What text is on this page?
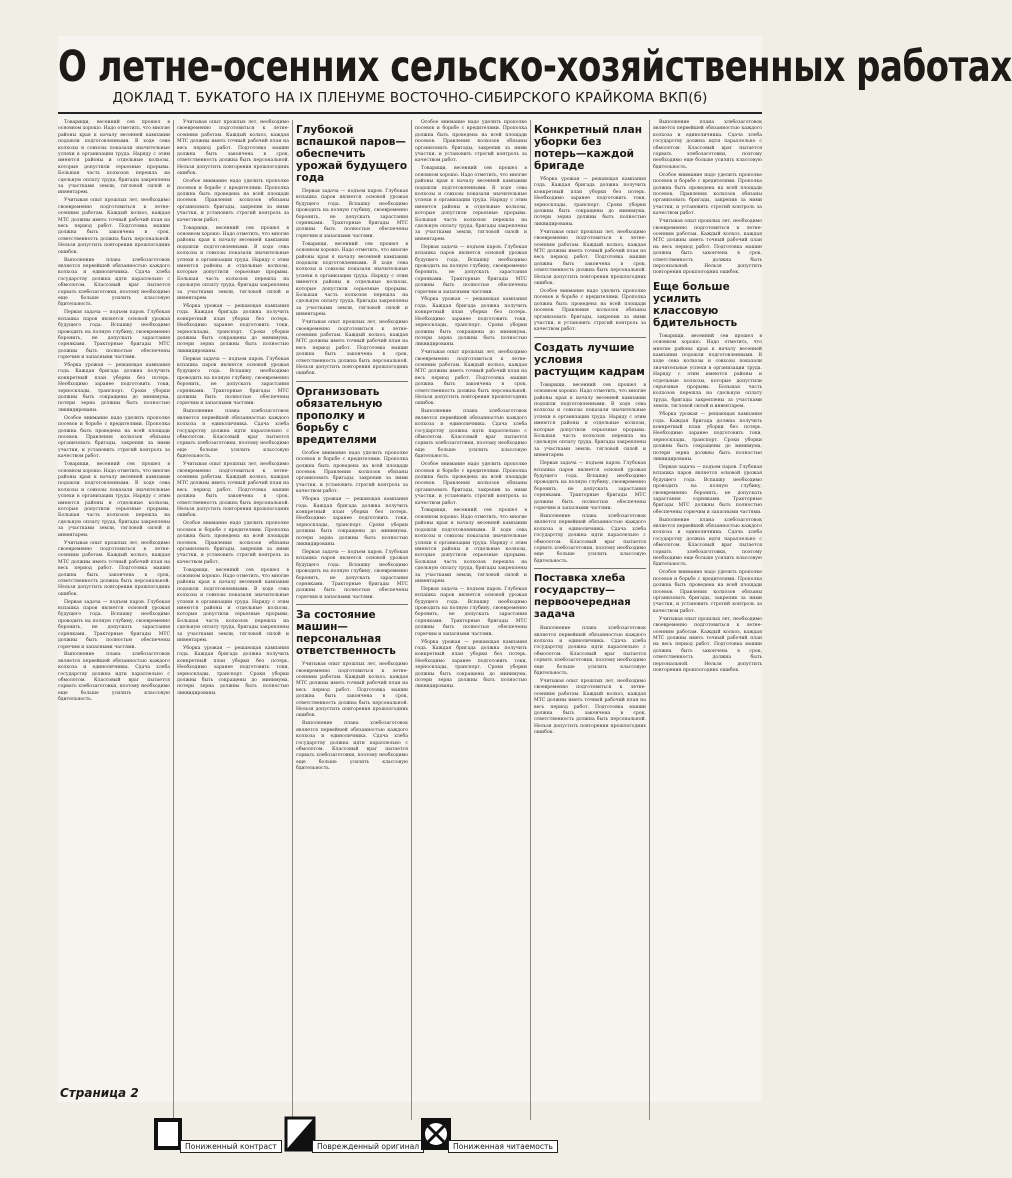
О летне-осенних сельско-хозяйственных работах
ДОКЛАД Т. БУКАТОГО НА IX ПЛЕНУМЕ ВОСТОЧНО-СИБИРСКОГО КРАЙКОМА ВКП(б)

Товарищи, весенний сев прошел в основном хорошо. Надо отметить, что многие районы края к началу весенней кампании подошли подготовленными. В ходе сева колхозы и совхозы показали значительные успехи в организации труда. Наряду с этим имеются районы и отдельные колхозы, которые допустили серьезные прорывы. Большая часть колхозов перешла на сдельную оплату труда, бригады закреплены за участками земли, тягловой силой и инвентарем.

Учитывая опыт прошлых лет, необходимо своевременно подготовиться к летне-осенним работам. Каждый колхоз, каждая МТС должны иметь точный рабочий план на весь период работ. Подготовка машин должна быть закончена в срок, ответственность должна быть персональной. Нельзя допустить повторения прошлогодних ошибок.

Выполнение плана хлебозаготовок является первейшей обязанностью каждого колхоза и единоличника. Сдача хлеба государству должна идти параллельно с обмолотом. Классовый враг пытается сорвать хлебозаготовки, поэтому необходимо еще больше усилить классовую бдительность.

Первая задача — подъем паров. Глубокая вспашка паров является основой урожая будущего года. Вспашку необходимо проводить на полную глубину, своевременно боронить, не допускать зарастания сорняками. Тракторные бригады МТС должны быть полностью обеспечены горючим и запасными частями.

Уборка урожая — решающая кампания года. Каждая бригада должна получить конкретный план уборки без потерь. Необходимо заранее подготовить токи, зерносклады, транспорт. Сроки уборки должны быть сокращены до минимума, потери зерна должны быть полностью ликвидированы.

Особое внимание надо уделить прополке посевов и борьбе с вредителями. Прополка должна быть проведена на всей площади посевов. Правления колхозов обязаны организовать бригады, закрепив за ними участки, и установить строгий контроль за качеством работ.

Товарищи, весенний сев прошел в основном хорошо. Надо отметить, что многие районы края к началу весенней кампании подошли подготовленными. В ходе сева колхозы и совхозы показали значительные успехи в организации труда. Наряду с этим имеются районы и отдельные колхозы, которые допустили серьезные прорывы. Большая часть колхозов перешла на сдельную оплату труда, бригады закреплены за участками земли, тягловой силой и инвентарем.

Учитывая опыт прошлых лет, необходимо своевременно подготовиться к летне-осенним работам. Каждый колхоз, каждая МТС должны иметь точный рабочий план на весь период работ. Подготовка машин должна быть закончена в срок, ответственность должна быть персональной. Нельзя допустить повторения прошлогодних ошибок.

Первая задача — подъем паров. Глубокая вспашка паров является основой урожая будущего года. Вспашку необходимо проводить на полную глубину, своевременно боронить, не допускать зарастания сорняками. Тракторные бригады МТС должны быть полностью обеспечены горючим и запасными частями.

Выполнение плана хлебозаготовок является первейшей обязанностью каждого колхоза и единоличника. Сдача хлеба государству должна идти параллельно с обмолотом. Классовый враг пытается сорвать хлебозаготовки, поэтому необходимо еще больше усилить классовую бдительность.

Учитывая опыт прошлых лет, необходимо своевременно подготовиться к летне-осенним работам. Каждый колхоз, каждая МТС должны иметь точный рабочий план на весь период работ. Подготовка машин должна быть закончена в срок, ответственность должна быть персональной. Нельзя допустить повторения прошлогодних ошибок.

Особое внимание надо уделить прополке посевов и борьбе с вредителями. Прополка должна быть проведена на всей площади посевов. Правления колхозов обязаны организовать бригады, закрепив за ними участки, и установить строгий контроль за качеством работ.

Товарищи, весенний сев прошел в основном хорошо. Надо отметить, что многие районы края к началу весенней кампании подошли подготовленными. В ходе сева колхозы и совхозы показали значительные успехи в организации труда. Наряду с этим имеются районы и отдельные колхозы, которые допустили серьезные прорывы. Большая часть колхозов перешла на сдельную оплату труда, бригады закреплены за участками земли, тягловой силой и инвентарем.

Уборка урожая — решающая кампания года. Каждая бригада должна получить конкретный план уборки без потерь. Необходимо заранее подготовить токи, зерносклады, транспорт. Сроки уборки должны быть сокращены до минимума, потери зерна должны быть полностью ликвидированы.

Первая задача — подъем паров. Глубокая вспашка паров является основой урожая будущего года. Вспашку необходимо проводить на полную глубину, своевременно боронить, не допускать зарастания сорняками. Тракторные бригады МТС должны быть полностью обеспечены горючим и запасными частями.

Выполнение плана хлебозаготовок является первейшей обязанностью каждого колхоза и единоличника. Сдача хлеба государству должна идти параллельно с обмолотом. Классовый враг пытается сорвать хлебозаготовки, поэтому необходимо еще больше усилить классовую бдительность.

Учитывая опыт прошлых лет, необходимо своевременно подготовиться к летне-осенним работам. Каждый колхоз, каждая МТС должны иметь точный рабочий план на весь период работ. Подготовка машин должна быть закончена в срок, ответственность должна быть персональной. Нельзя допустить повторения прошлогодних ошибок.

Особое внимание надо уделить прополке посевов и борьбе с вредителями. Прополка должна быть проведена на всей площади посевов. Правления колхозов обязаны организовать бригады, закрепив за ними участки, и установить строгий контроль за качеством работ.

Товарищи, весенний сев прошел в основном хорошо. Надо отметить, что многие районы края к началу весенней кампании подошли подготовленными. В ходе сева колхозы и совхозы показали значительные успехи в организации труда. Наряду с этим имеются районы и отдельные колхозы, которые допустили серьезные прорывы. Большая часть колхозов перешла на сдельную оплату труда, бригады закреплены за участками земли, тягловой силой и инвентарем.

Уборка урожая — решающая кампания года. Каждая бригада должна получить конкретный план уборки без потерь. Необходимо заранее подготовить токи, зерносклады, транспорт. Сроки уборки должны быть сокращены до минимума, потери зерна должны быть полностью ликвидированы.

Глубокой вспашкой паров—обеспечить урожай будущего года

Первая задача — подъем паров. Глубокая вспашка паров является основой урожая будущего года. Вспашку необходимо проводить на полную глубину, своевременно боронить, не допускать зарастания сорняками. Тракторные бригады МТС должны быть полностью обеспечены горючим и запасными частями.

Товарищи, весенний сев прошел в основном хорошо. Надо отметить, что многие районы края к началу весенней кампании подошли подготовленными. В ходе сева колхозы и совхозы показали значительные успехи в организации труда. Наряду с этим имеются районы и отдельные колхозы, которые допустили серьезные прорывы. Большая часть колхозов перешла на сдельную оплату труда, бригады закреплены за участками земли, тягловой силой и инвентарем.

Учитывая опыт прошлых лет, необходимо своевременно подготовиться к летне-осенним работам. Каждый колхоз, каждая МТС должны иметь точный рабочий план на весь период работ. Подготовка машин должна быть закончена в срок, ответственность должна быть персональной. Нельзя допустить повторения прошлогодних ошибок.

Организовать обязательную прополку и борьбу с вредителями

Особое внимание надо уделить прополке посевов и борьбе с вредителями. Прополка должна быть проведена на всей площади посевов. Правления колхозов обязаны организовать бригады, закрепив за ними участки, и установить строгий контроль за качеством работ.

Уборка урожая — решающая кампания года. Каждая бригада должна получить конкретный план уборки без потерь. Необходимо заранее подготовить токи, зерносклады, транспорт. Сроки уборки должны быть сокращены до минимума, потери зерна должны быть полностью ликвидированы.

Первая задача — подъем паров. Глубокая вспашка паров является основой урожая будущего года. Вспашку необходимо проводить на полную глубину, своевременно боронить, не допускать зарастания сорняками. Тракторные бригады МТС должны быть полностью обеспечены горючим и запасными частями.

За состояние машин—персональная ответственность

Учитывая опыт прошлых лет, необходимо своевременно подготовиться к летне-осенним работам. Каждый колхоз, каждая МТС должны иметь точный рабочий план на весь период работ. Подготовка машин должна быть закончена в срок, ответственность должна быть персональной. Нельзя допустить повторения прошлогодних ошибок.

Выполнение плана хлебозаготовок является первейшей обязанностью каждого колхоза и единоличника. Сдача хлеба государству должна идти параллельно с обмолотом. Классовый враг пытается сорвать хлебозаготовки, поэтому необходимо еще больше усилить классовую бдительность.

Особое внимание надо уделить прополке посевов и борьбе с вредителями. Прополка должна быть проведена на всей площади посевов. Правления колхозов обязаны организовать бригады, закрепив за ними участки, и установить строгий контроль за качеством работ.

Товарищи, весенний сев прошел в основном хорошо. Надо отметить, что многие районы края к началу весенней кампании подошли подготовленными. В ходе сева колхозы и совхозы показали значительные успехи в организации труда. Наряду с этим имеются районы и отдельные колхозы, которые допустили серьезные прорывы. Большая часть колхозов перешла на сдельную оплату труда, бригады закреплены за участками земли, тягловой силой и инвентарем.

Первая задача — подъем паров. Глубокая вспашка паров является основой урожая будущего года. Вспашку необходимо проводить на полную глубину, своевременно боронить, не допускать зарастания сорняками. Тракторные бригады МТС должны быть полностью обеспечены горючим и запасными частями.

Уборка урожая — решающая кампания года. Каждая бригада должна получить конкретный план уборки без потерь. Необходимо заранее подготовить токи, зерносклады, транспорт. Сроки уборки должны быть сокращены до минимума, потери зерна должны быть полностью ликвидированы.

Учитывая опыт прошлых лет, необходимо своевременно подготовиться к летне-осенним работам. Каждый колхоз, каждая МТС должны иметь точный рабочий план на весь период работ. Подготовка машин должна быть закончена в срок, ответственность должна быть персональной. Нельзя допустить повторения прошлогодних ошибок.

Выполнение плана хлебозаготовок является первейшей обязанностью каждого колхоза и единоличника. Сдача хлеба государству должна идти параллельно с обмолотом. Классовый враг пытается сорвать хлебозаготовки, поэтому необходимо еще больше усилить классовую бдительность.

Особое внимание надо уделить прополке посевов и борьбе с вредителями. Прополка должна быть проведена на всей площади посевов. Правления колхозов обязаны организовать бригады, закрепив за ними участки, и установить строгий контроль за качеством работ.

Товарищи, весенний сев прошел в основном хорошо. Надо отметить, что многие районы края к началу весенней кампании подошли подготовленными. В ходе сева колхозы и совхозы показали значительные успехи в организации труда. Наряду с этим имеются районы и отдельные колхозы, которые допустили серьезные прорывы. Большая часть колхозов перешла на сдельную оплату труда, бригады закреплены за участками земли, тягловой силой и инвентарем.

Первая задача — подъем паров. Глубокая вспашка паров является основой урожая будущего года. Вспашку необходимо проводить на полную глубину, своевременно боронить, не допускать зарастания сорняками. Тракторные бригады МТС должны быть полностью обеспечены горючим и запасными частями.

Уборка урожая — решающая кампания года. Каждая бригада должна получить конкретный план уборки без потерь. Необходимо заранее подготовить токи, зерносклады, транспорт. Сроки уборки должны быть сокращены до минимума, потери зерна должны быть полностью ликвидированы.

Конкретный план уборки без потерь—каждой бригаде

Уборка урожая — решающая кампания года. Каждая бригада должна получить конкретный план уборки без потерь. Необходимо заранее подготовить токи, зерносклады, транспорт. Сроки уборки должны быть сокращены до минимума, потери зерна должны быть полностью ликвидированы.

Учитывая опыт прошлых лет, необходимо своевременно подготовиться к летне-осенним работам. Каждый колхоз, каждая МТС должны иметь точный рабочий план на весь период работ. Подготовка машин должна быть закончена в срок, ответственность должна быть персональной. Нельзя допустить повторения прошлогодних ошибок.

Особое внимание надо уделить прополке посевов и борьбе с вредителями. Прополка должна быть проведена на всей площади посевов. Правления колхозов обязаны организовать бригады, закрепив за ними участки, и установить строгий контроль за качеством работ.

Создать лучшие условия растущим кадрам

Товарищи, весенний сев прошел в основном хорошо. Надо отметить, что многие районы края к началу весенней кампании подошли подготовленными. В ходе сева колхозы и совхозы показали значительные успехи в организации труда. Наряду с этим имеются районы и отдельные колхозы, которые допустили серьезные прорывы. Большая часть колхозов перешла на сдельную оплату труда, бригады закреплены за участками земли, тягловой силой и инвентарем.

Первая задача — подъем паров. Глубокая вспашка паров является основой урожая будущего года. Вспашку необходимо проводить на полную глубину, своевременно боронить, не допускать зарастания сорняками. Тракторные бригады МТС должны быть полностью обеспечены горючим и запасными частями.

Выполнение плана хлебозаготовок является первейшей обязанностью каждого колхоза и единоличника. Сдача хлеба государству должна идти параллельно с обмолотом. Классовый враг пытается сорвать хлебозаготовки, поэтому необходимо еще больше усилить классовую бдительность.

Поставка хлеба государству—первоочередная задача

Выполнение плана хлебозаготовок является первейшей обязанностью каждого колхоза и единоличника. Сдача хлеба государству должна идти параллельно с обмолотом. Классовый враг пытается сорвать хлебозаготовки, поэтому необходимо еще больше усилить классовую бдительность.

Учитывая опыт прошлых лет, необходимо своевременно подготовиться к летне-осенним работам. Каждый колхоз, каждая МТС должны иметь точный рабочий план на весь период работ. Подготовка машин должна быть закончена в срок, ответственность должна быть персональной. Нельзя допустить повторения прошлогодних ошибок.

Выполнение плана хлебозаготовок является первейшей обязанностью каждого колхоза и единоличника. Сдача хлеба государству должна идти параллельно с обмолотом. Классовый враг пытается сорвать хлебозаготовки, поэтому необходимо еще больше усилить классовую бдительность.

Особое внимание надо уделить прополке посевов и борьбе с вредителями. Прополка должна быть проведена на всей площади посевов. Правления колхозов обязаны организовать бригады, закрепив за ними участки, и установить строгий контроль за качеством работ.

Учитывая опыт прошлых лет, необходимо своевременно подготовиться к летне-осенним работам. Каждый колхоз, каждая МТС должны иметь точный рабочий план на весь период работ. Подготовка машин должна быть закончена в срок, ответственность должна быть персональной. Нельзя допустить повторения прошлогодних ошибок.

Еще больше усилить классовую бдительность

Товарищи, весенний сев прошел в основном хорошо. Надо отметить, что многие районы края к началу весенней кампании подошли подготовленными. В ходе сева колхозы и совхозы показали значительные успехи в организации труда. Наряду с этим имеются районы и отдельные колхозы, которые допустили серьезные прорывы. Большая часть колхозов перешла на сдельную оплату труда, бригады закреплены за участками земли, тягловой силой и инвентарем.

Уборка урожая — решающая кампания года. Каждая бригада должна получить конкретный план уборки без потерь. Необходимо заранее подготовить токи, зерносклады, транспорт. Сроки уборки должны быть сокращены до минимума, потери зерна должны быть полностью ликвидированы.

Первая задача — подъем паров. Глубокая вспашка паров является основой урожая будущего года. Вспашку необходимо проводить на полную глубину, своевременно боронить, не допускать зарастания сорняками. Тракторные бригады МТС должны быть полностью обеспечены горючим и запасными частями.

Выполнение плана хлебозаготовок является первейшей обязанностью каждого колхоза и единоличника. Сдача хлеба государству должна идти параллельно с обмолотом. Классовый враг пытается сорвать хлебозаготовки, поэтому необходимо еще больше усилить классовую бдительность.

Особое внимание надо уделить прополке посевов и борьбе с вредителями. Прополка должна быть проведена на всей площади посевов. Правления колхозов обязаны организовать бригады, закрепив за ними участки, и установить строгий контроль за качеством работ.

Учитывая опыт прошлых лет, необходимо своевременно подготовиться к летне-осенним работам. Каждый колхоз, каждая МТС должны иметь точный рабочий план на весь период работ. Подготовка машин должна быть закончена в срок, ответственность должна быть персональной. Нельзя допустить повторения прошлогодних ошибок.

Страница 2
Пониженный контраст	Поврежденный оригинал	Пониженная читаемость
